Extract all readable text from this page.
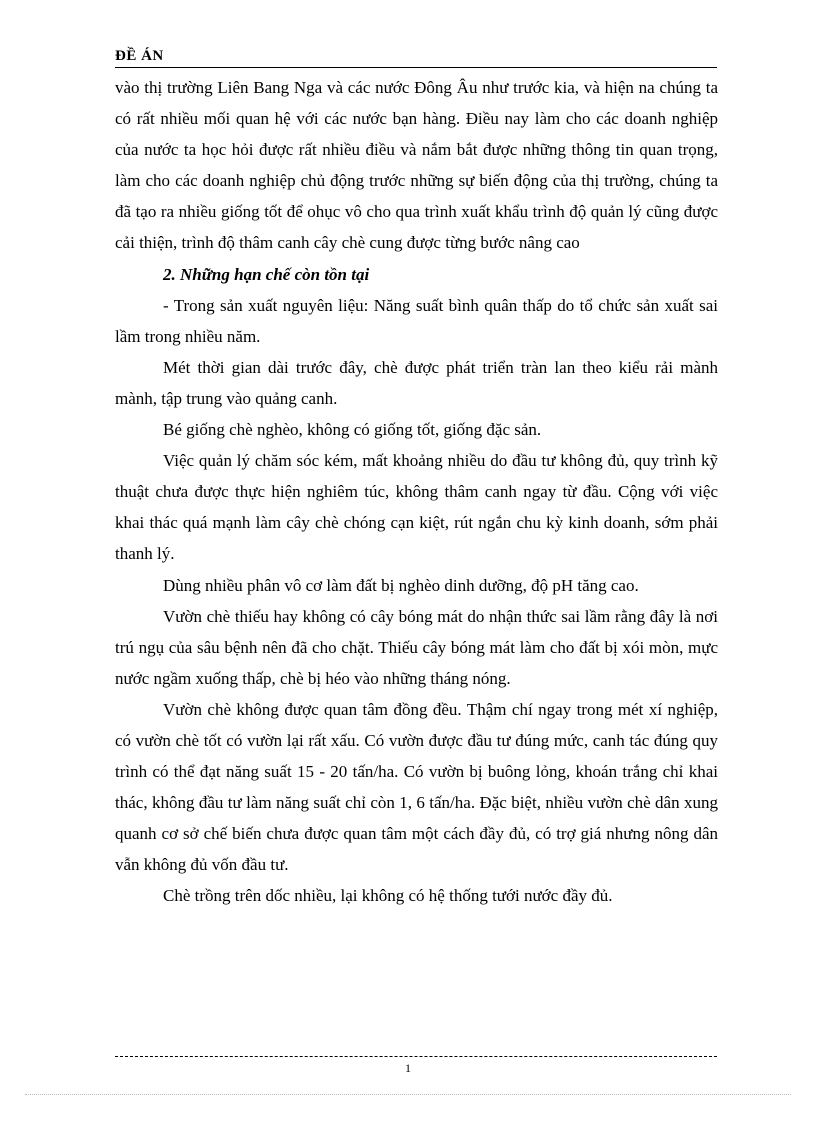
ĐỀ ÁN

vào thị trường Liên Bang Nga và các nước Đông Âu như trước kia, và hiện na chúng ta có rất nhiều mối quan hệ với các nước bạn hàng. Điều nay làm cho các doanh nghiệp của nước ta học hỏi được rất nhiều điều và nắm bắt được những thông tin quan trọng, làm cho các doanh nghiệp chủ động trước những sự biến động của thị trường, chúng ta đã tạo ra nhiều giống tốt để ohục vô cho qua trình xuất khẩu trình độ quản lý cũng được cải thiện, trình độ thâm canh cây chè cung được từng bước nâng cao

2. Những hạn chế còn tồn tại

- Trong sản xuất nguyên liệu: Năng suất bình quân thấp do tổ chức sản xuất sai lầm trong nhiều năm.

Mét thời gian dài trước đây, chè được phát triển tràn lan theo kiểu rải mành mành, tập trung vào quảng canh.

Bé giống chè nghèo, không có giống tốt, giống đặc sản.

Việc quản lý chăm sóc kém, mất khoảng nhiều do đầu tư không đủ, quy trình kỹ thuật chưa được thực hiện nghiêm túc, không thâm canh ngay từ đầu. Cộng với việc khai thác quá mạnh làm cây chè chóng cạn kiệt, rút ngắn chu kỳ kinh doanh, sớm phải thanh lý.

Dùng nhiều phân vô cơ làm đất bị nghèo dinh dưỡng, độ pH tăng cao.

Vườn chè thiếu hay không có cây bóng mát do nhận thức sai lầm rằng đây là nơi trú ngụ của sâu bệnh nên đã cho chặt. Thiếu cây bóng mát làm cho đất bị xói mòn, mực nước ngầm xuống thấp, chè bị héo vào những tháng nóng.

Vườn chè không được quan tâm đồng đều. Thậm chí ngay trong mét xí nghiệp, có vườn chè tốt có vườn lại rất xấu. Có vườn được đầu tư đúng mức, canh tác đúng quy trình có thể đạt năng suất 15 - 20 tấn/ha. Có vườn bị buông lỏng, khoán trắng chỉ khai thác, không đầu tư làm năng suất chỉ còn 1, 6 tấn/ha. Đặc biệt, nhiều vườn chè dân xung quanh cơ sở chế biến chưa được quan tâm một cách đầy đủ, có trợ giá nhưng nông dân vẫn không đủ vốn đầu tư.

Chè trồng trên dốc nhiều, lại không có hệ thống tưới nước đầy đủ.

1
